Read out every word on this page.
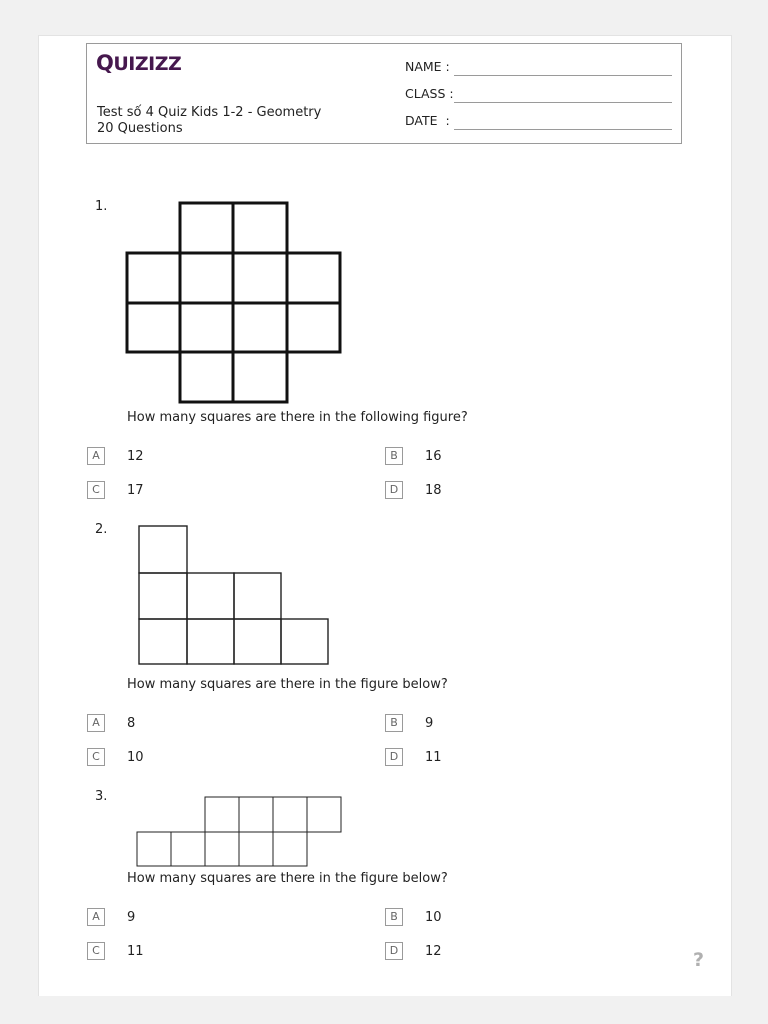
QUIZIZZ
Test số 4 Quiz Kids 1-2 - Geometry
20 Questions
NAME :
CLASS :
DATE  :
1.
How many squares are there in the following figure?
A	12	B	16
C	17	D	18
2.
How many squares are there in the figure below?
A	8	B	9
C	10	D	11
3.
How many squares are there in the figure below?
A	9	B	10
C	11	D	12	?
